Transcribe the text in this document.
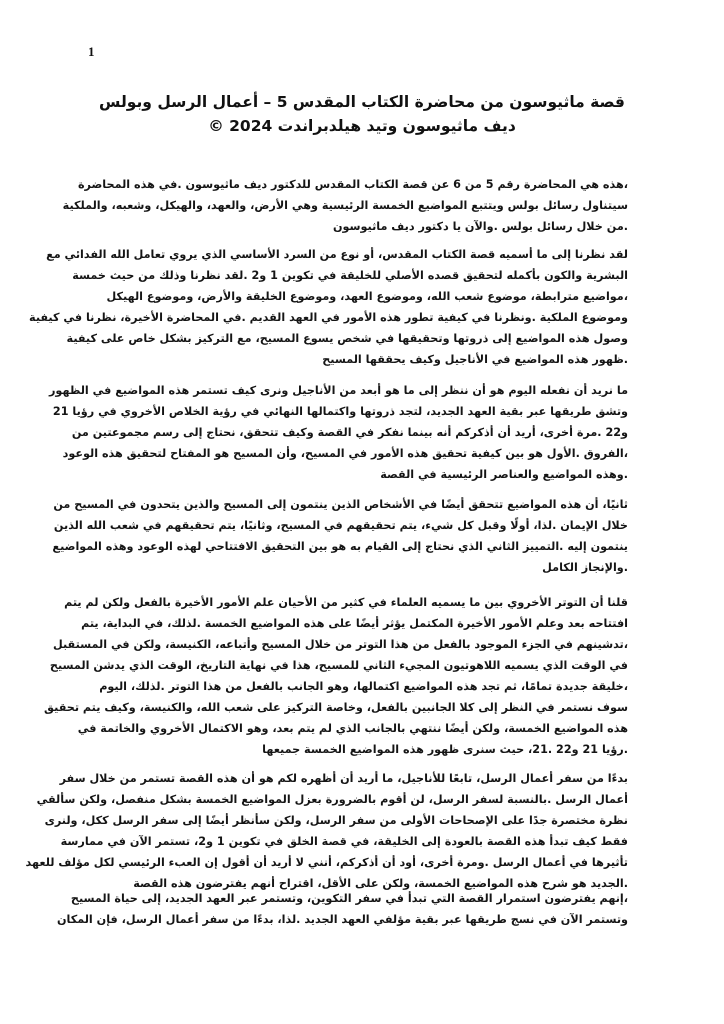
1
قصة ماثيوسون من محاضرة الكتاب المقدس 5 – أعمال الرسل وبولس
ديف ماثيوسون وتيد هيلدبراندت 2024 ©
،هذه هي المحاضرة رقم 5 من 6 عن قصة الكتاب المقدس للدكتور ديف ماثيوسون .في هذه المحاضرة
سيتناول رسائل بولس ويتتبع المواضيع الخمسة الرئيسية وهي الأرض، والعهد، والهيكل، وشعبه، والملكية
.من خلال رسائل بولس .والآن يا دكتور ديف ماثيوسون
لقد نظرنا إلى ما أسميه قصة الكتاب المقدس، أو نوع من السرد الأساسي الذي يروي تعامل الله الفدائي مع
البشرية والكون بأكمله لتحقيق قصده الأصلي للخليقة في تكوين 1 و2 .لقد نظرنا وذلك من حيث خمسة
،مواضيع مترابطة، موضوع شعب الله، وموضوع العهد، وموضوع الخليقة والأرض، وموضوع الهيكل
وموضوع الملكية .ونظرنا في كيفية تطور هذه الأمور في العهد القديم .في المحاضرة الأخيرة، نظرنا في كيفية
وصول هذه المواضيع إلى ذروتها وتحقيقها في شخص يسوع المسيح، مع التركيز بشكل خاص على كيفية
.ظهور هذه المواضيع في الأناجيل وكيف يحققها المسيح
ما نريد أن نفعله اليوم هو أن ننظر إلى ما هو أبعد من الأناجيل ونرى كيف تستمر هذه المواضيع في الظهور
وتشق طريقها عبر بقية العهد الجديد، لتجد ذروتها واكتمالها النهائي في رؤية الخلاص الأخروي في رؤيا 21
و22 .مرة أخرى، أريد أن أذكركم أنه بينما نفكر في القصة وكيف تتحقق، نحتاج إلى رسم مجموعتين من
،الفروق .الأول هو بين كيفية تحقيق هذه الأمور في المسيح، وأن المسيح هو المفتاح لتحقيق هذه الوعود
.وهذه المواضيع والعناصر الرئيسية في القصة
ثانيًا، أن هذه المواضيع تتحقق أيضًا في الأشخاص الذين ينتمون إلى المسيح والذين يتحدون في المسيح من
خلال الإيمان .لذا، أولًا وقبل كل شيء، يتم تحقيقهم في المسيح، وثانيًا، يتم تحقيقهم في شعب الله الذين
ينتمون إليه .التمييز الثاني الذي نحتاج إلى القيام به هو بين التحقيق الافتتاحي لهذه الوعود وهذه المواضيع
.والإنجاز الكامل
قلنا أن التوتر الأخروي بين ما يسميه العلماء في كثير من الأحيان علم الأمور الأخيرة بالفعل ولكن لم يتم
افتتاحه بعد وعلم الأمور الأخيرة المكتمل يؤثر أيضًا على هذه المواضيع الخمسة .لذلك، في البداية، يتم
،تدشينهم في الجزء الموجود بالفعل من هذا التوتر من خلال المسيح وأتباعه، الكنيسة، ولكن في المستقبل
في الوقت الذي يسميه اللاهوتيون المجيء الثاني للمسيح، هذا في نهاية التاريخ، الوقت الذي يدشن المسيح
،خليقة جديدة تمامًا، ثم تجد هذه المواضيع اكتمالها، وهو الجانب بالفعل من هذا التوتر .لذلك، اليوم
سوف نستمر في النظر إلى كلا الجانبين بالفعل، وخاصة التركيز على شعب الله، والكنيسة، وكيف يتم تحقيق
هذه المواضيع الخمسة، ولكن أيضًا ننتهي بالجانب الذي لم يتم بعد، وهو الاكتمال الأخروي والخاتمة في
.رؤيا 21 و22 .21، حيث سنرى ظهور هذه المواضيع الخمسة جميعها
بدءًا من سفر أعمال الرسل، تابعًا للأناجيل، ما أريد أن أظهره لكم هو أن هذه القصة تستمر من خلال سفر
أعمال الرسل .بالنسبة لسفر الرسل، لن أقوم بالضرورة بعزل المواضيع الخمسة بشكل منفصل، ولكن سألقي
نظرة مختصرة جدًا على الإصحاحات الأولى من سفر الرسل، ولكن سأنظر أيضًا إلى سفر الرسل ككل، ولنرى
فقط كيف تبدأ هذه القصة بالعودة إلى الخليقة، في قصة الخلق في تكوين 1 و2، تستمر الآن في ممارسة
تأثيرها في أعمال الرسل .ومرة أخرى، أود أن أذكركم، أنني لا أريد أن أقول إن العبء الرئيسي لكل مؤلف للعهد
.الجديد هو شرح هذه المواضيع الخمسة، ولكن على الأقل، اقتراح أنهم يفترضون هذه القصة
،إنهم يفترضون استمرار القصة التي تبدأ في سفر التكوين، وتستمر عبر العهد الجديد، إلى حياة المسيح
وتستمر الآن في نسج طريقها عبر بقية مؤلفي العهد الجديد .لذا، بدءًا من سفر أعمال الرسل، فإن المكان
